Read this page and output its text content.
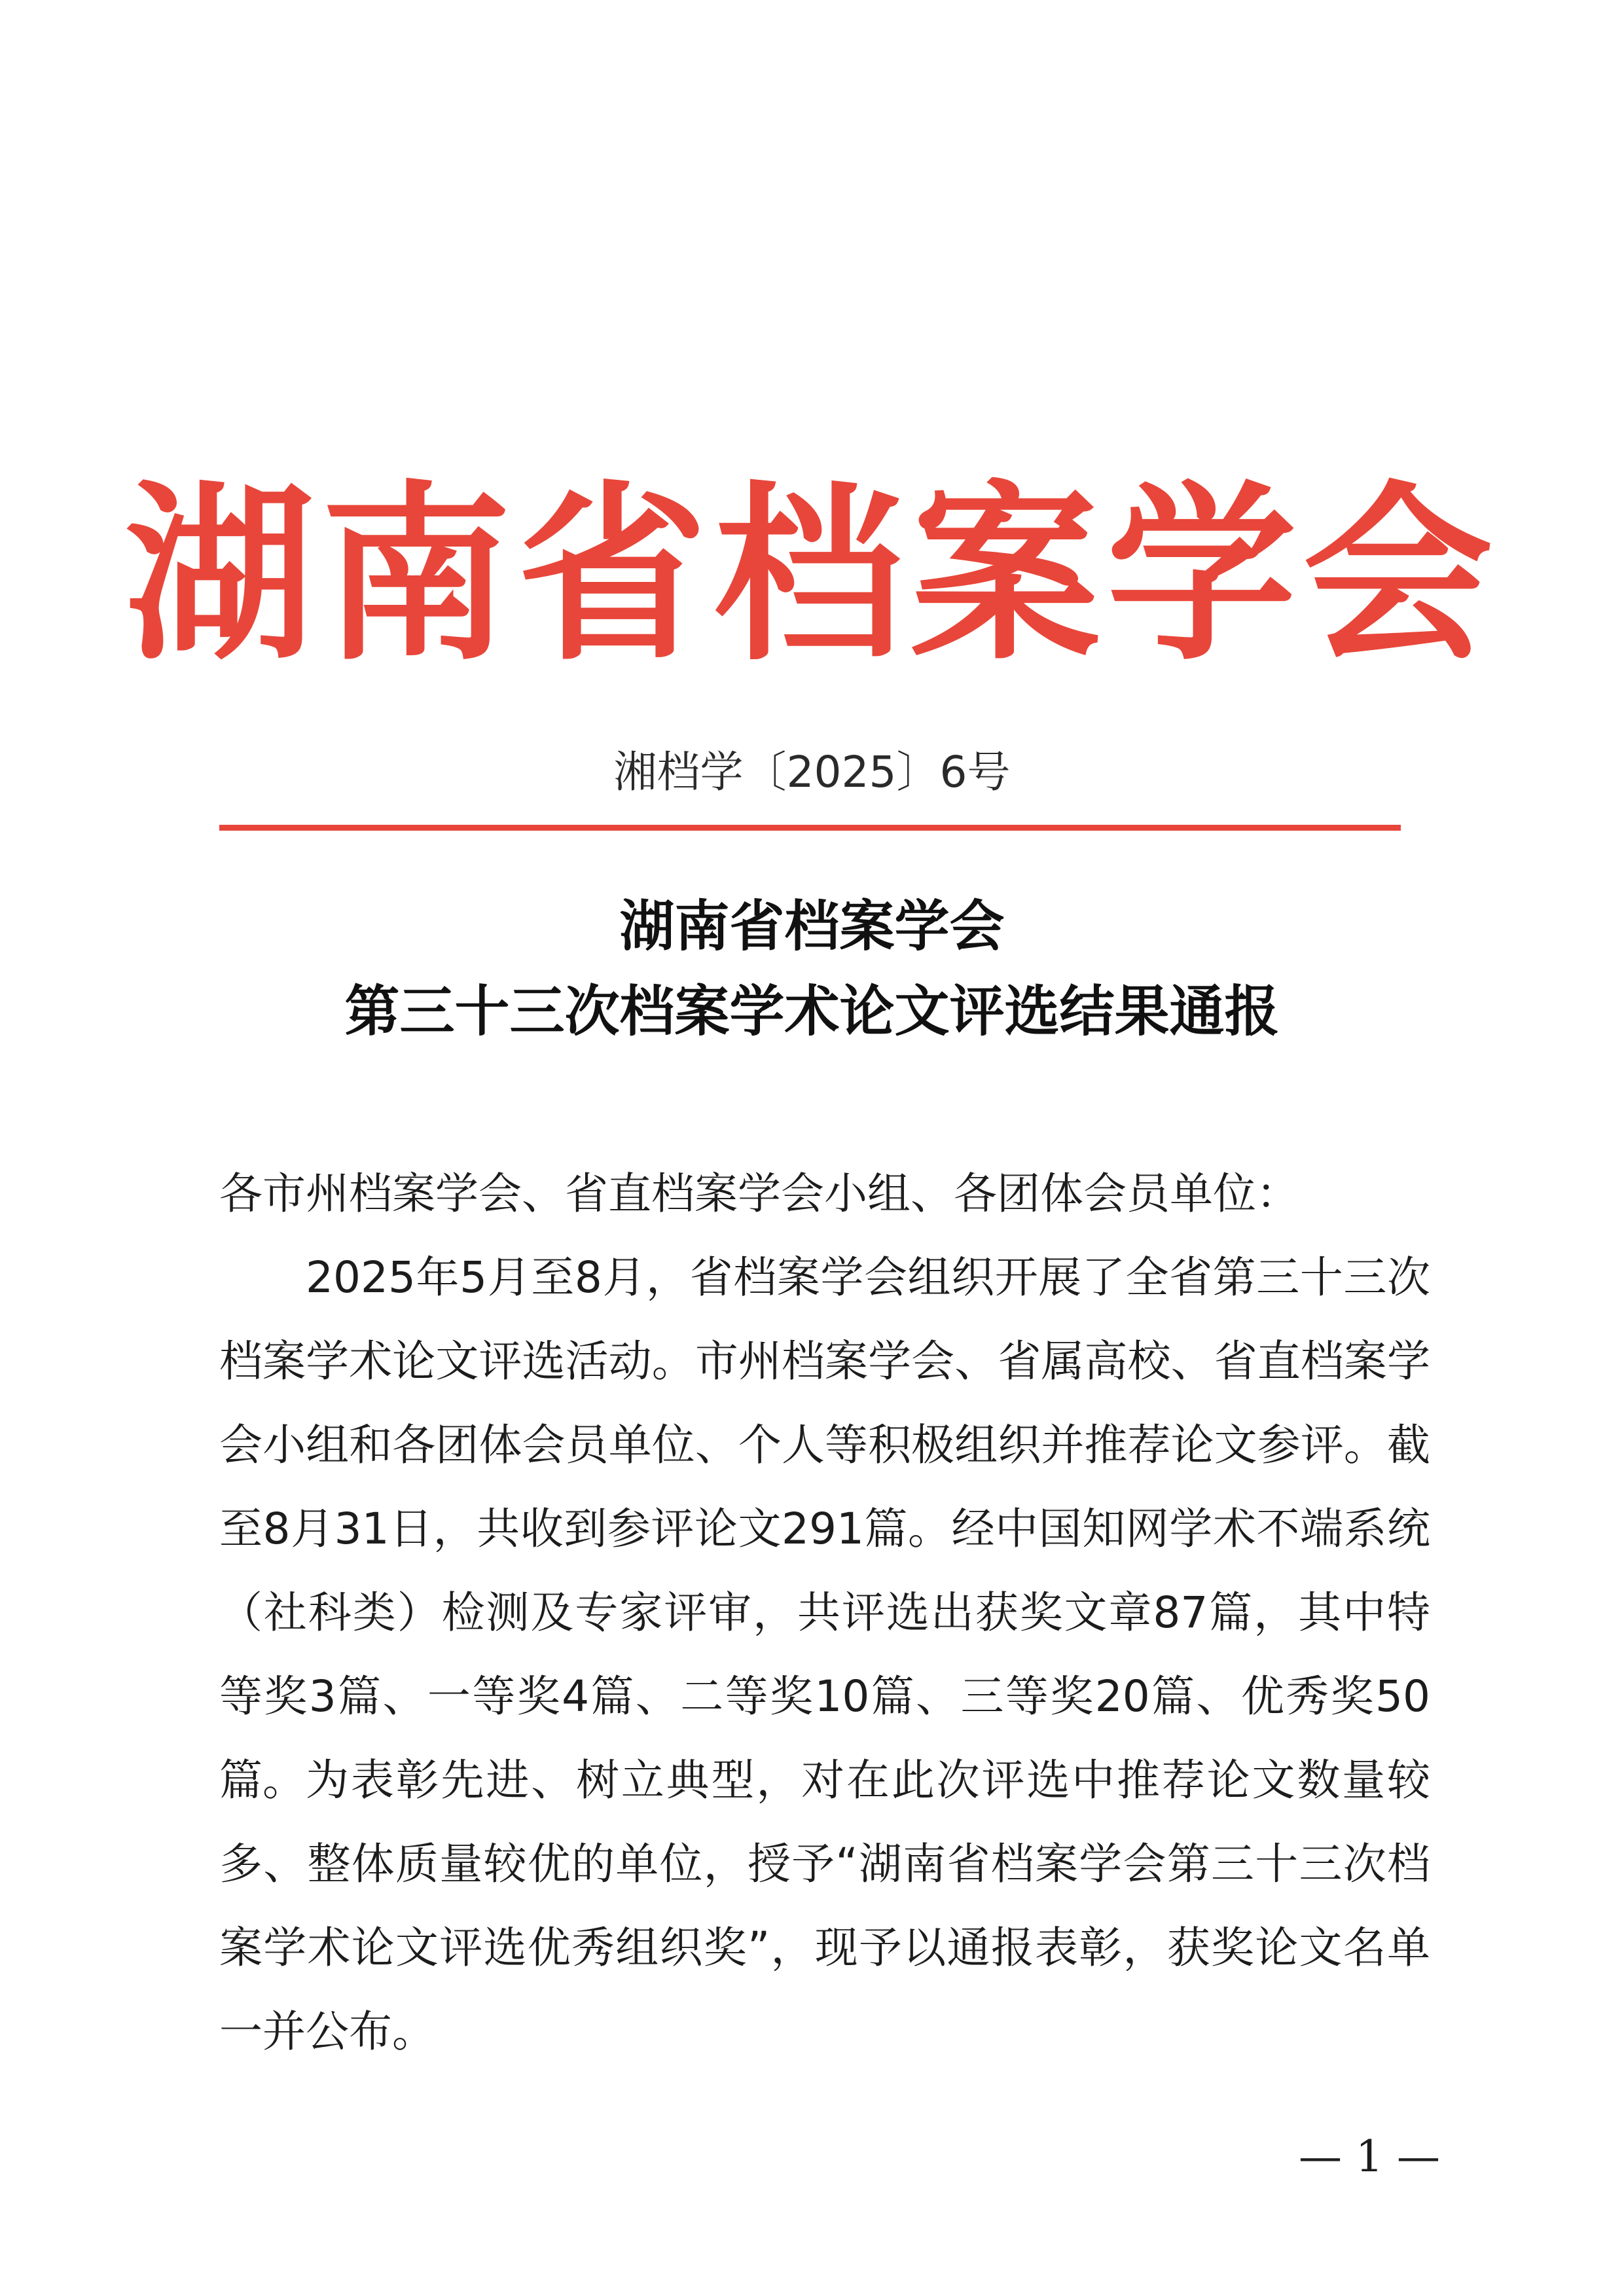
湖南省档案学会
湘档学〔2025〕6号
湖南省档案学会
第三十三次档案学术论文评选结果通报
各市州档案学会、省直档案学会小组、各团体会员单位：
2025年5月至8月，省档案学会组织开展了全省第三十三次档案学术论文评选活动。市州档案学会、省属高校、省直档案学会小组和各团体会员单位、个人等积极组织并推荐论文参评。截至8月31日，共收到参评论文291篇。经中国知网学术不端系统（社科类）检测及专家评审，共评选出获奖文章87篇，其中特等奖3篇、一等奖4篇、二等奖10篇、三等奖20篇、优秀奖50篇。 为表彰先进、树立典型，对在此次评选中推荐论文数量较多、整体质量较优的单位，授予“湖南省档案学会第三十三次档案学术论文评选优秀组织奖”，现予以通报表彰，获奖论文名单一并公布。
— 1 —
